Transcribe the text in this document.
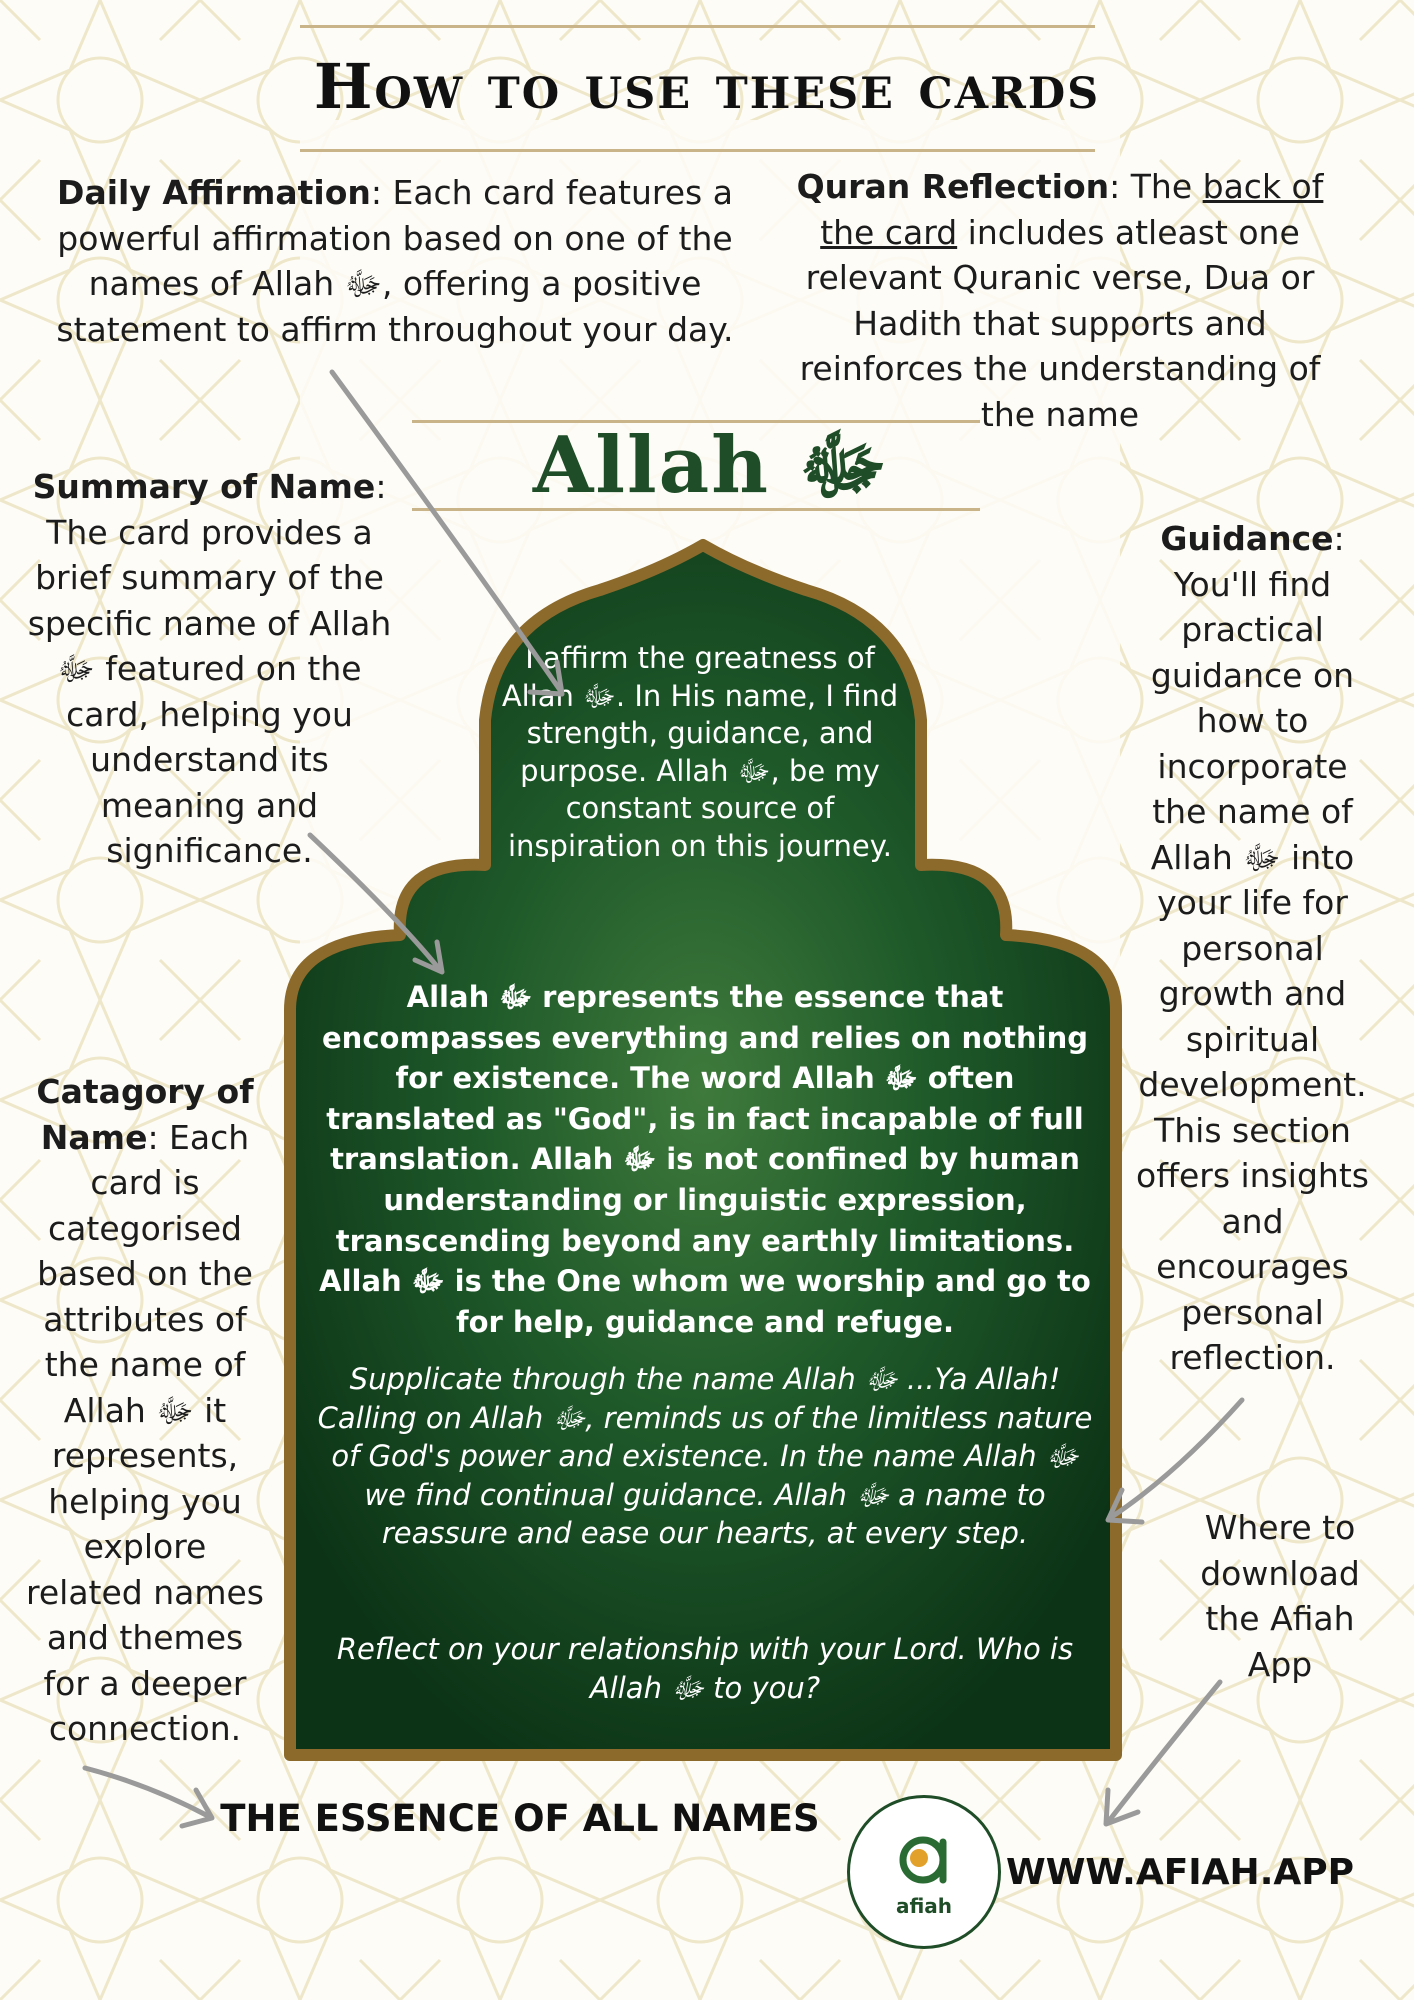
How to use these cards
Daily Affirmation: Each card features a powerful affirmation based on one of the names of Allah ﷻ, offering a positive statement to affirm throughout your day.
Quran Reflection: The back of the card includes atleast one relevant Quranic verse, Dua or Hadith that supports and reinforces the understanding of the name
Summary of Name: The card provides a brief summary of the specific name of Allah ﷻ featured on the card, helping you understand its meaning and significance.
Guidance: You'll find practical guidance on how to incorporate the name of Allah ﷻ into your life for personal growth and spiritual development. This section offers insights and encourages personal reflection.
Catagory of Name: Each card is categorised based on the attributes of the name of Allah ﷻ it represents, helping you explore related names and themes for a deeper connection.
Where to download the Afiah App
Allah ﷻ
I affirm the greatness of Allah ﷻ. In His name, I find strength, guidance, and purpose. Allah ﷻ, be my constant source of inspiration on this journey.
Allah ﷻ represents the essence that encompasses everything and relies on nothing for existence. The word Allah ﷻ often translated as "God", is in fact incapable of full translation. Allah ﷻ is not confined by human understanding or linguistic expression, transcending beyond any earthly limitations. Allah ﷻ is the One whom we worship and go to for help, guidance and refuge.
Supplicate through the name Allah ﷻ ...Ya Allah! Calling on Allah ﷻ, reminds us of the limitless nature of God's power and existence. In the name Allah ﷻ we find continual guidance. Allah ﷻ a name to reassure and ease our hearts, at every step.
Reflect on your relationship with your Lord. Who is Allah ﷻ to you?
THE ESSENCE OF ALL NAMES
afiah
WWW.AFIAH.APP
